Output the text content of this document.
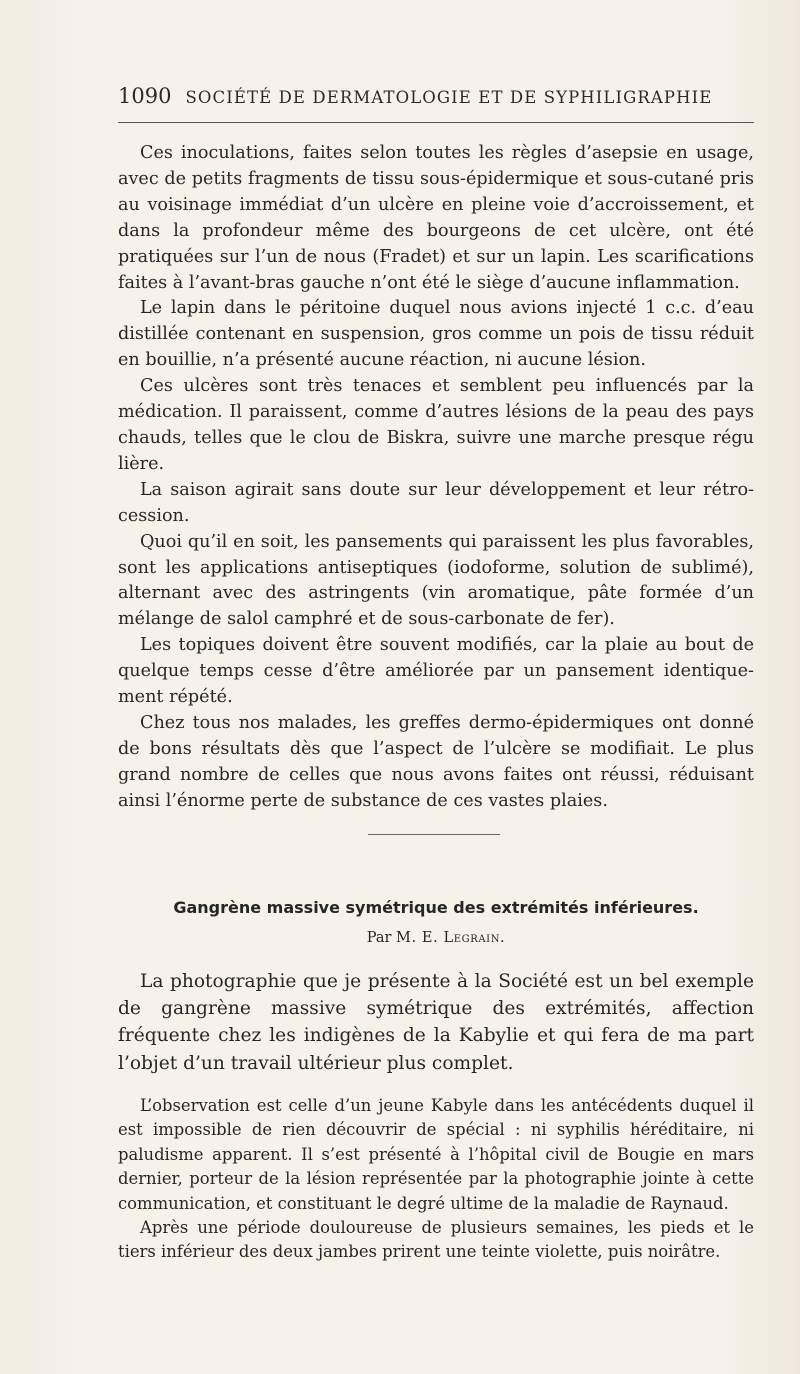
1090 SOCIÉTÉ DE DERMATOLOGIE ET DE SYPHILIGRAPHIE

Ces inoculations, faites selon toutes les règles d’asepsie en usage, avec de petits fragments de tissu sous-épidermique et sous-cutané pris au voisinage immédiat d’un ulcère en pleine voie d’accroissement, et dans la profondeur même des bourgeons de cet ulcère, ont été pratiquées sur l’un de nous (Fradet) et sur un lapin. Les scarifications faites à l’avant-bras gauche n’ont été le siège d’aucune inflammation.

Le lapin dans le péritoine duquel nous avions injecté 1 c.c. d’eau distillée contenant en suspension, gros comme un pois de tissu réduit en bouillie, n’a présenté aucune réaction, ni aucune lésion.

Ces ulcères sont très tenaces et semblent peu influencés par la médication. Il paraissent, comme d’autres lésions de la peau des pays chauds, telles que le clou de Biskra, suivre une marche presque régu lière.

La saison agirait sans doute sur leur développement et leur rétro-cession.

Quoi qu’il en soit, les pansements qui paraissent les plus favorables, sont les applications antiseptiques (iodoforme, solution de sublimé), alternant avec des astringents (vin aromatique, pâte formée d’un mélange de salol camphré et de sous-carbonate de fer).

Les topiques doivent être souvent modifiés, car la plaie au bout de quelque temps cesse d’être améliorée par un pansement identique-ment répété.

Chez tous nos malades, les greffes dermo-épidermiques ont donné de bons résultats dès que l’aspect de l’ulcère se modifiait. Le plus grand nombre de celles que nous avons faites ont réussi, réduisant ainsi l’énorme perte de substance de ces vastes plaies.

Gangrène massive symétrique des extrémités inférieures.
Par M. E. Legrain.

La photographie que je présente à la Société est un bel exemple de gangrène massive symétrique des extrémités, affection fréquente chez les indigènes de la Kabylie et qui fera de ma part l’objet d’un travail ultérieur plus complet.

L’observation est celle d’un jeune Kabyle dans les antécédents duquel il est impossible de rien découvrir de spécial : ni syphilis héréditaire, ni paludisme apparent. Il s’est présenté à l’hôpital civil de Bougie en mars dernier, porteur de la lésion représentée par la photographie jointe à cette communication, et constituant le degré ultime de la maladie de Raynaud.

Après une période douloureuse de plusieurs semaines, les pieds et le tiers inférieur des deux jambes prirent une teinte violette, puis noirâtre.
